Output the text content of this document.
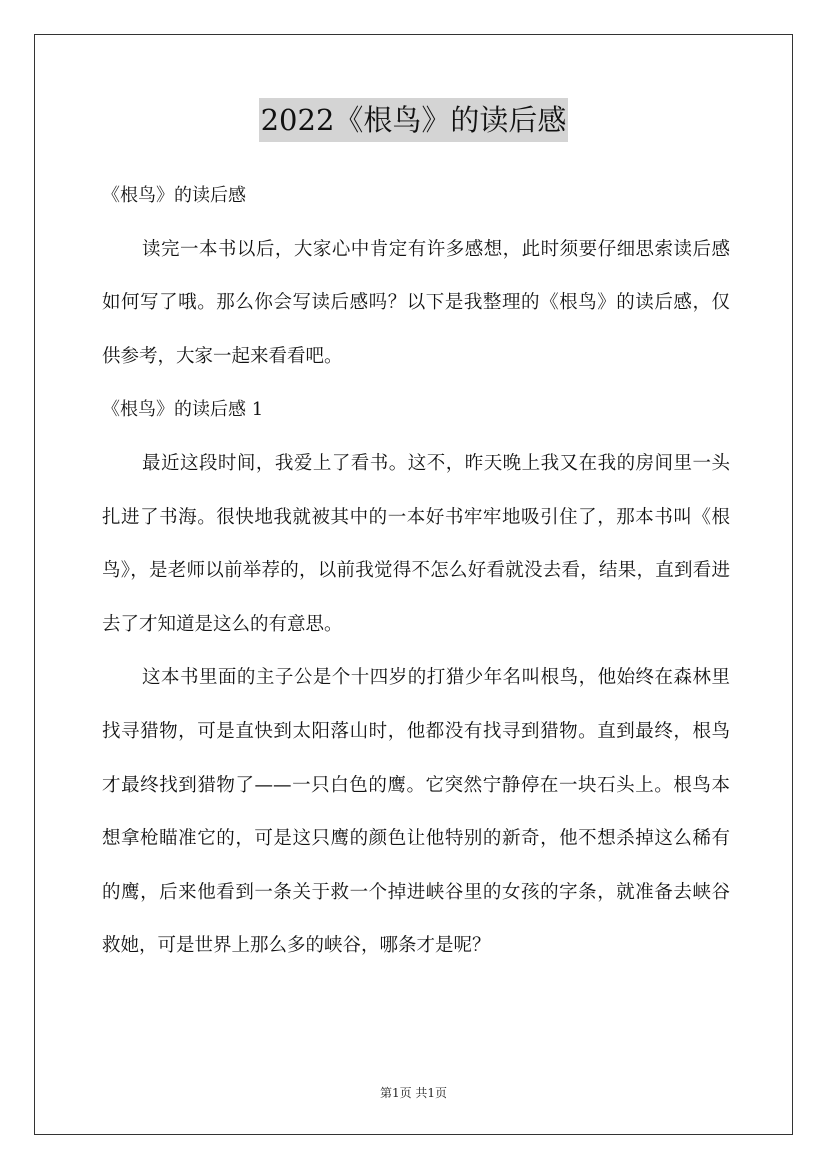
2022《根鸟》的读后感

《根鸟》的读后感

读完一本书以后，大家心中肯定有许多感想，此时须要仔细思索读后感如何写了哦。那么你会写读后感吗？以下是我整理的《根鸟》的读后感，仅供参考，大家一起来看看吧。

《根鸟》的读后感 1

最近这段时间，我爱上了看书。这不，昨天晚上我又在我的房间里一头扎进了书海。很快地我就被其中的一本好书牢牢地吸引住了，那本书叫《根鸟》，是老师以前举荐的，以前我觉得不怎么好看就没去看，结果，直到看进去了才知道是这么的有意思。

这本书里面的主子公是个十四岁的打猎少年名叫根鸟，他始终在森林里找寻猎物，可是直快到太阳落山时，他都没有找寻到猎物。直到最终，根鸟才最终找到猎物了——一只白色的鹰。它突然宁静停在一块石头上。根鸟本想拿枪瞄准它的，可是这只鹰的颜色让他特别的新奇，他不想杀掉这么稀有的鹰，后来他看到一条关于救一个掉进峡谷里的女孩的字条，就准备去峡谷救她，可是世界上那么多的峡谷，哪条才是呢？

第1页 共1页
